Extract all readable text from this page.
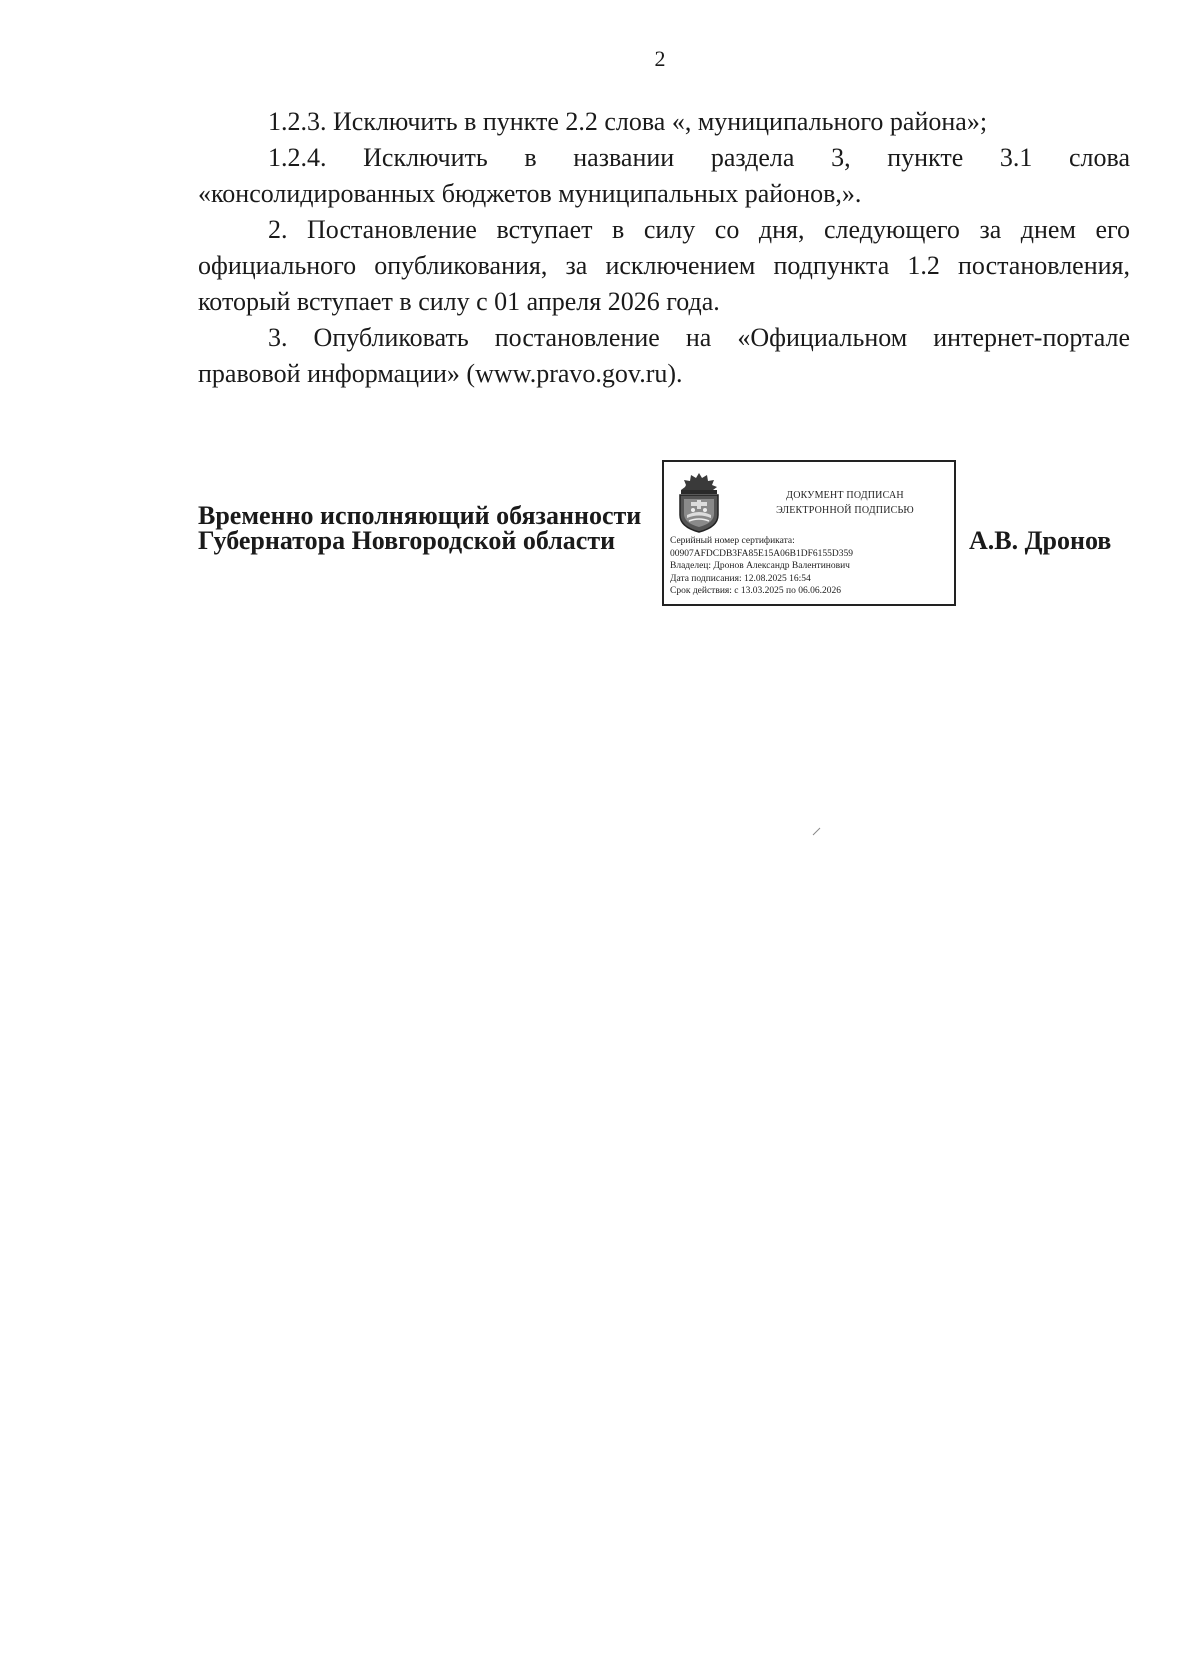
2

1.2.3. Исключить в пункте 2.2 слова «, муниципального района»;

1.2.4. Исключить в названии раздела 3, пункте 3.1 слова «консолидированных бюджетов муниципальных районов,».

2. Постановление вступает в силу со дня, следующего за днем его официального опубликования, за исключением подпункта 1.2 постановления, который вступает в силу с 01 апреля 2026 года.

3. Опубликовать постановление на «Официальном интернет-портале правовой информации» (www.pravo.gov.ru).

Временно исполняющий обязанности
Губернатора Новгородской области
ДОКУМЕНТ ПОДПИСАН
ЭЛЕКТРОННОЙ ПОДПИСЬЮ
Серийный номер сертификата:
00907AFDCDB3FA85E15A06B1DF6155D359
Владелец: Дронов Александр Валентинович
Дата подписания: 12.08.2025 16:54
Срок действия: с 13.03.2025 по 06.06.2026
А.В. Дронов
